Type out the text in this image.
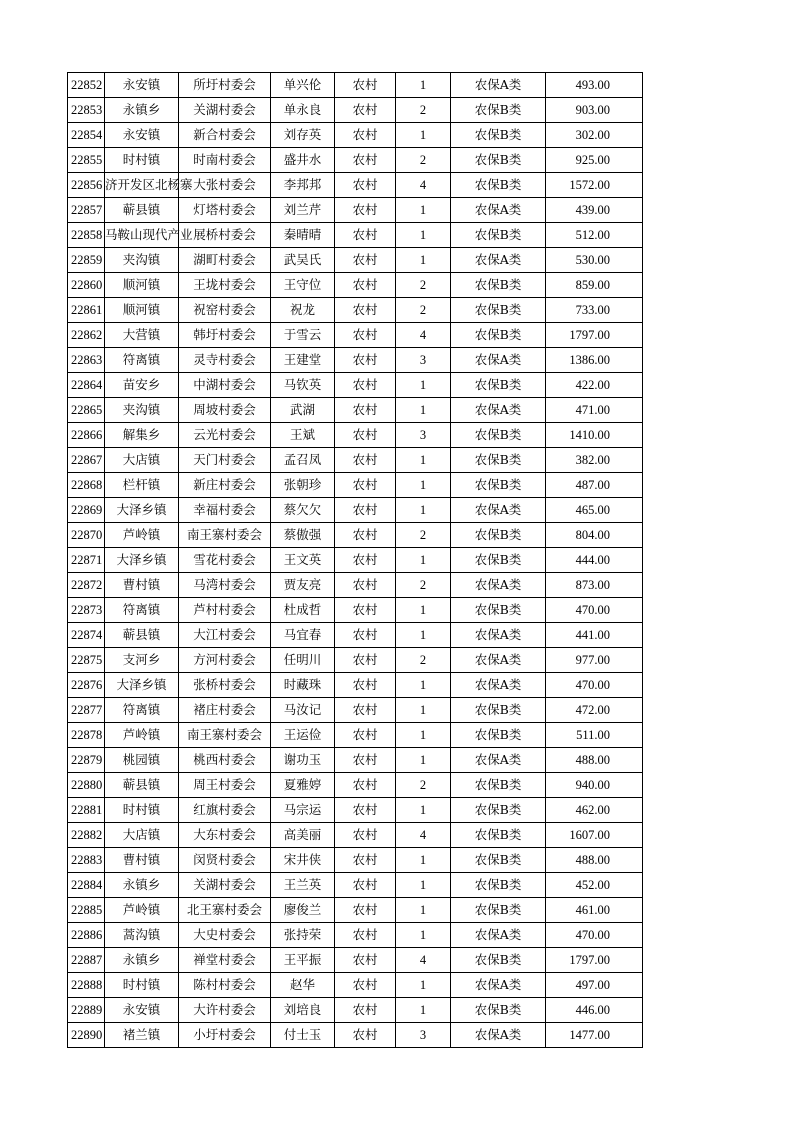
22852	永安镇	所圩村委会	单兴伦	农村	1	农保A类	493.00
22853	永镇乡	关湖村委会	单永良	农村	2	农保B类	903.00
22854	永安镇	新合村委会	刘存英	农村	1	农保B类	302.00
22855	时村镇	时南村委会	盛井水	农村	2	农保B类	925.00
22856	济开发区北杨寨	大张村委会	李邦邦	农村	4	农保B类	1572.00
22857	蕲县镇	灯塔村委会	刘兰芹	农村	1	农保A类	439.00
22858	马鞍山现代产业	展桥村委会	秦晴晴	农村	1	农保B类	512.00
22859	夹沟镇	湖町村委会	武吴氏	农村	1	农保A类	530.00
22860	顺河镇	王垅村委会	王守位	农村	2	农保B类	859.00
22861	顺河镇	祝窑村委会	祝龙	农村	2	农保B类	733.00
22862	大营镇	韩圩村委会	于雪云	农村	4	农保B类	1797.00
22863	符离镇	灵寺村委会	王建堂	农村	3	农保A类	1386.00
22864	苗安乡	中湖村委会	马钦英	农村	1	农保B类	422.00
22865	夹沟镇	周坡村委会	武湖	农村	1	农保A类	471.00
22866	解集乡	云光村委会	王斌	农村	3	农保B类	1410.00
22867	大店镇	天门村委会	孟召凤	农村	1	农保B类	382.00
22868	栏杆镇	新庄村委会	张朝珍	农村	1	农保B类	487.00
22869	大泽乡镇	幸福村委会	蔡欠欠	农村	1	农保A类	465.00
22870	芦岭镇	南王寨村委会	蔡傲强	农村	2	农保B类	804.00
22871	大泽乡镇	雪花村委会	王文英	农村	1	农保B类	444.00
22872	曹村镇	马湾村委会	贾友亮	农村	2	农保A类	873.00
22873	符离镇	芦村村委会	杜成哲	农村	1	农保B类	470.00
22874	蕲县镇	大江村委会	马宜春	农村	1	农保A类	441.00
22875	支河乡	方河村委会	任明川	农村	2	农保A类	977.00
22876	大泽乡镇	张桥村委会	时藏珠	农村	1	农保A类	470.00
22877	符离镇	褚庄村委会	马汝记	农村	1	农保B类	472.00
22878	芦岭镇	南王寨村委会	王运俭	农村	1	农保B类	511.00
22879	桃园镇	桃西村委会	谢功玉	农村	1	农保A类	488.00
22880	蕲县镇	周王村委会	夏雅婷	农村	2	农保B类	940.00
22881	时村镇	红旗村委会	马宗运	农村	1	农保B类	462.00
22882	大店镇	大东村委会	高美丽	农村	4	农保B类	1607.00
22883	曹村镇	闵贤村委会	宋井侠	农村	1	农保B类	488.00
22884	永镇乡	关湖村委会	王兰英	农村	1	农保B类	452.00
22885	芦岭镇	北王寨村委会	廖俊兰	农村	1	农保B类	461.00
22886	蒿沟镇	大史村委会	张持荣	农村	1	农保A类	470.00
22887	永镇乡	禅堂村委会	王平振	农村	4	农保B类	1797.00
22888	时村镇	陈村村委会	赵华	农村	1	农保A类	497.00
22889	永安镇	大许村委会	刘培良	农村	1	农保B类	446.00
22890	褚兰镇	小圩村委会	付士玉	农村	3	农保A类	1477.00
